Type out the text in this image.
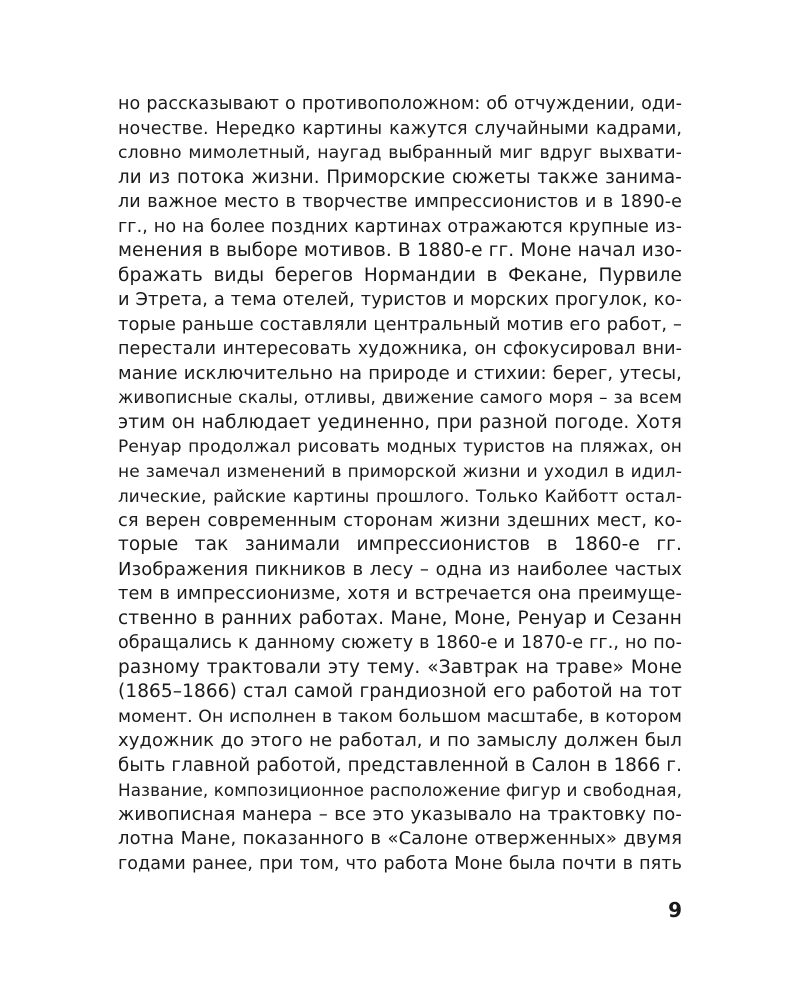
но рассказывают о противоположном: об отчуждении, оди-
ночестве. Нередко картины кажутся случайными кадрами,
словно мимолетный, наугад выбранный миг вдруг выхвати-
ли из потока жизни. Приморские сюжеты также занима-
ли важное место в творчестве импрессионистов и в 1890-е
гг., но на более поздних картинах отражаются крупные из-
менения в выборе мотивов. В 1880-е гг. Моне начал изо-
бражать виды берегов Нормандии в Фекане, Пурвиле
и Этрета, а тема отелей, туристов и морских прогулок, ко-
торые раньше составляли центральный мотив его работ, –
перестали интересовать художника, он сфокусировал вни-
мание исключительно на природе и стихии: берег, утесы,
живописные скалы, отливы, движение самого моря – за всем
этим он наблюдает уединенно, при разной погоде. Хотя
Ренуар продолжал рисовать модных туристов на пляжах, он
не замечал изменений в приморской жизни и уходил в идил-
лические, райские картины прошлого. Только Кайботт остал-
ся верен современным сторонам жизни здешних мест, ко-
торые так занимали импрессионистов в 1860-е гг.
Изображения пикников в лесу – одна из наиболее частых
тем в импрессионизме, хотя и встречается она преимуще-
ственно в ранних работах. Мане, Моне, Ренуар и Сезанн
обращались к данному сюжету в 1860-е и 1870-е гг., но по-
разному трактовали эту тему. «Завтрак на траве» Моне
(1865–1866) стал самой грандиозной его работой на тот
момент. Он исполнен в таком большом масштабе, в котором
художник до этого не работал, и по замыслу должен был
быть главной работой, представленной в Салон в 1866 г.
Название, композиционное расположение фигур и свободная,
живописная манера – все это указывало на трактовку по-
лотна Мане, показанного в «Салоне отверженных» двумя
годами ранее, при том, что работа Моне была почти в пять
9
